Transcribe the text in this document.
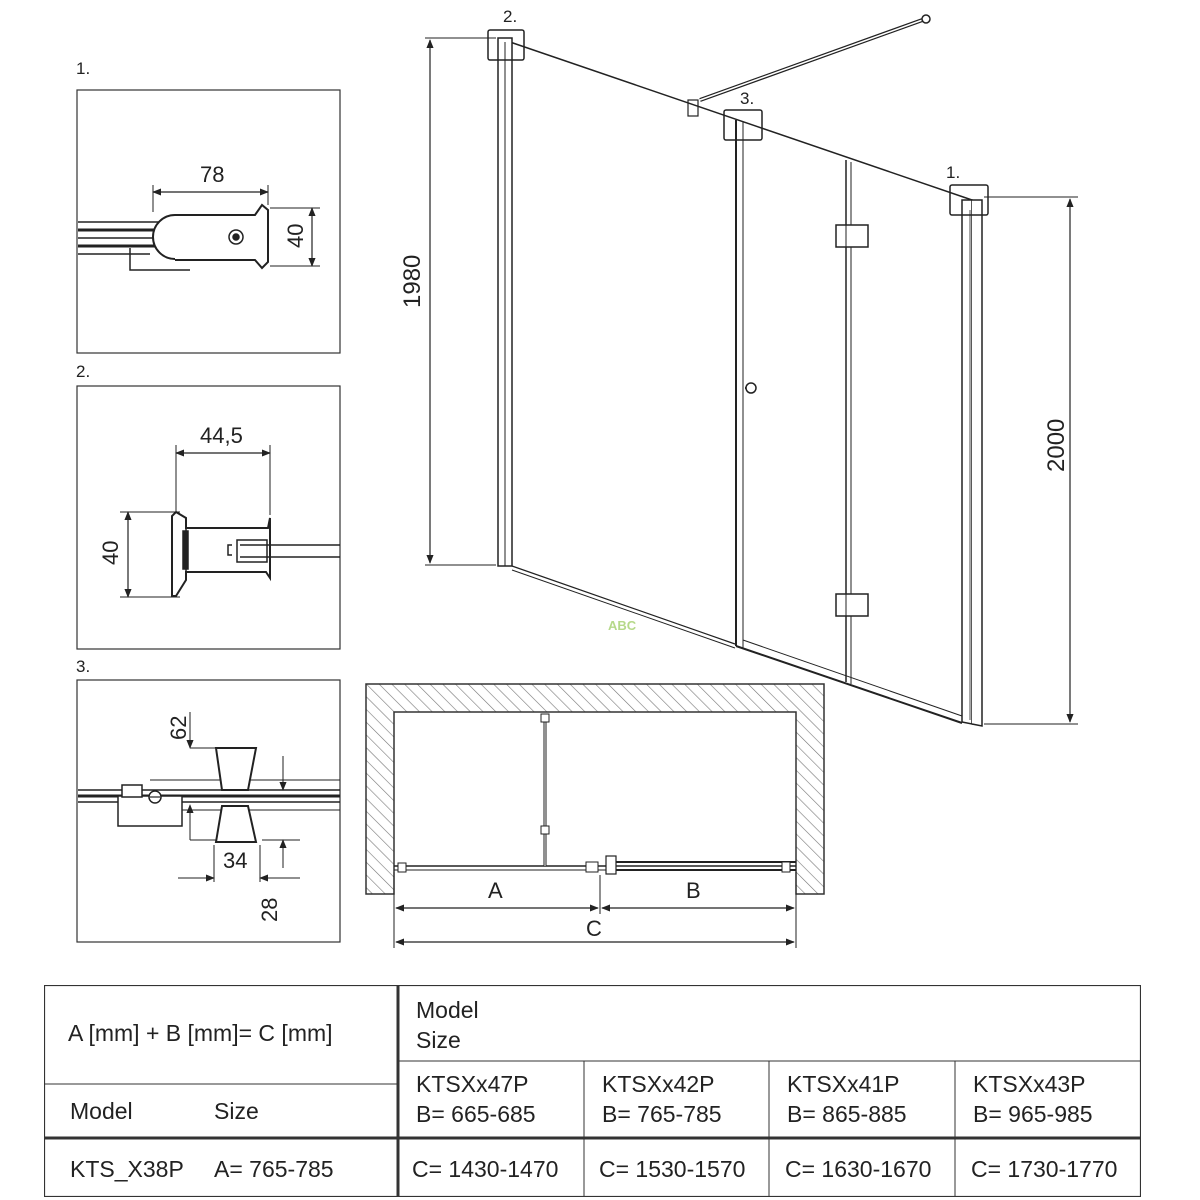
1.
78
40
2.
44,5
40
3.
62
34
28
2.
3.
1.
1980
2000
ABC
A
C
B
A [mm] + B [mm]= C [mm]
Model
Size
Model	Size
KTSXx47P
B= 665-685
KTSXx42P
B= 765-785
KTSXx41P
B= 865-885
KTSXx43P
B= 965-985
KTS_X38P A= 765-785	C= 1430-1470 C= 1530-1570 C= 1630-1670 C= 1730-1770
